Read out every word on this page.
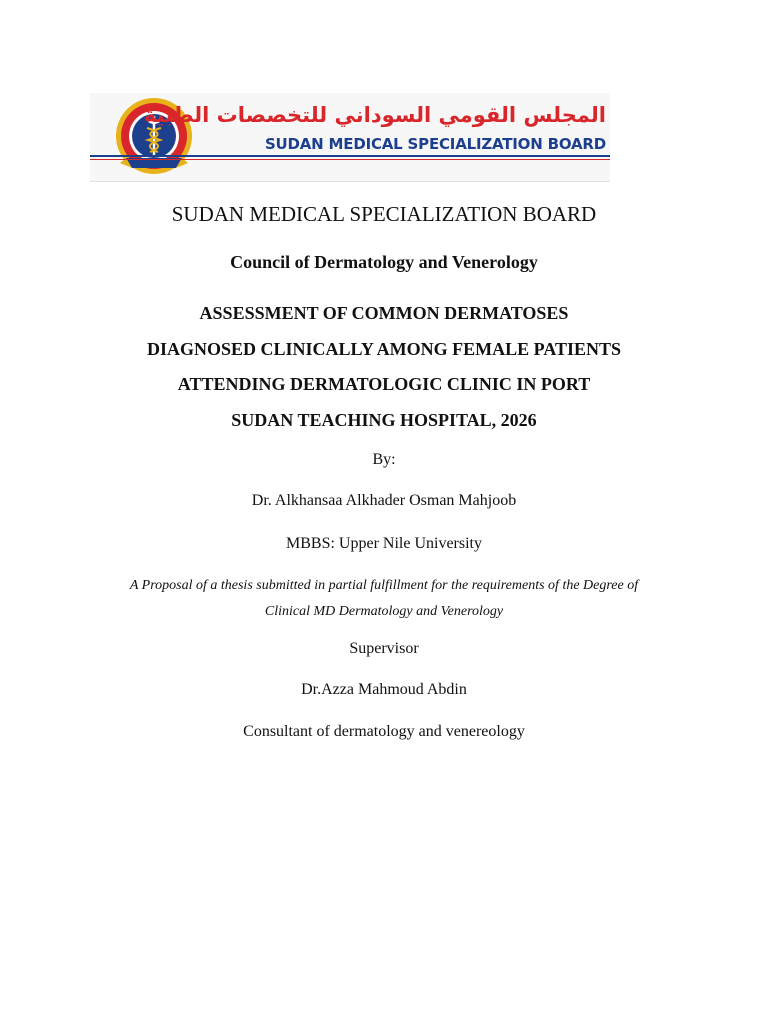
المجلس القومي السوداني للتخصصات الطبية
SUDAN MEDICAL SPECIALIZATION BOARD
SUDAN MEDICAL SPECIALIZATION BOARD
Council of Dermatology and Venerology
ASSESSMENT OF COMMON DERMATOSES
DIAGNOSED CLINICALLY AMONG FEMALE PATIENTS
ATTENDING DERMATOLOGIC CLINIC IN PORT
SUDAN TEACHING HOSPITAL, 2026

By:

Dr. Alkhansaa Alkhader Osman Mahjoob

MBBS: Upper Nile University

A Proposal of a thesis submitted in partial fulfillment for the requirements of the Degree of
Clinical MD Dermatology and Venerology

Supervisor

Dr.Azza Mahmoud Abdin

Consultant of dermatology and venereology
